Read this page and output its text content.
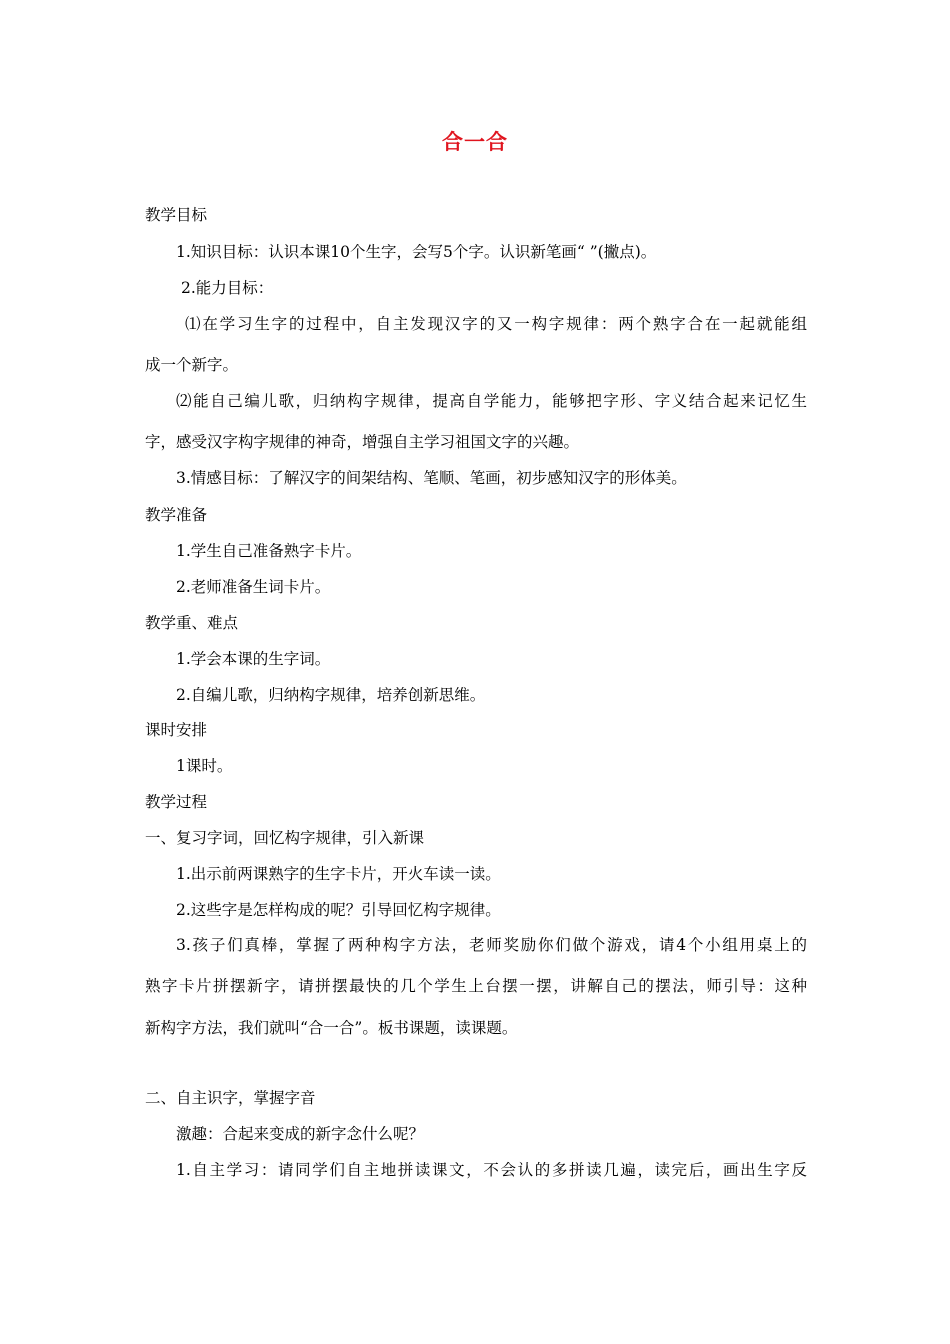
合一合
教学目标
1.知识目标：认识本课10个生字，会写5个字。认识新笔画“ ”(撇点)。
2.能力目标：
⑴在学习生字的过程中，自主发现汉字的又一构字规律：两个熟字合在一起就能组
成一个新字。
⑵能自己编儿歌，归纳构字规律，提高自学能力，能够把字形、字义结合起来记忆生
字，感受汉字构字规律的神奇，增强自主学习祖国文字的兴趣。
3.情感目标：了解汉字的间架结构、笔顺、笔画，初步感知汉字的形体美。
教学准备
1.学生自己准备熟字卡片。
2.老师准备生词卡片。
教学重、难点
1.学会本课的生字词。
2.自编儿歌，归纳构字规律，培养创新思维。
课时安排
1课时。
教学过程
一、复习字词，回忆构字规律，引入新课
1.出示前两课熟字的生字卡片，开火车读一读。
2.这些字是怎样构成的呢？引导回忆构字规律。
3.孩子们真棒，掌握了两种构字方法，老师奖励你们做个游戏，请4个小组用桌上的
熟字卡片拼摆新字，请拼摆最快的几个学生上台摆一摆，讲解自己的摆法，师引导：这种
新构字方法，我们就叫“合一合”。板书课题，读课题。
二、自主识字，掌握字音
激趣：合起来变成的新字念什么呢？
1.自主学习：请同学们自主地拼读课文，不会认的多拼读几遍，读完后，画出生字反
